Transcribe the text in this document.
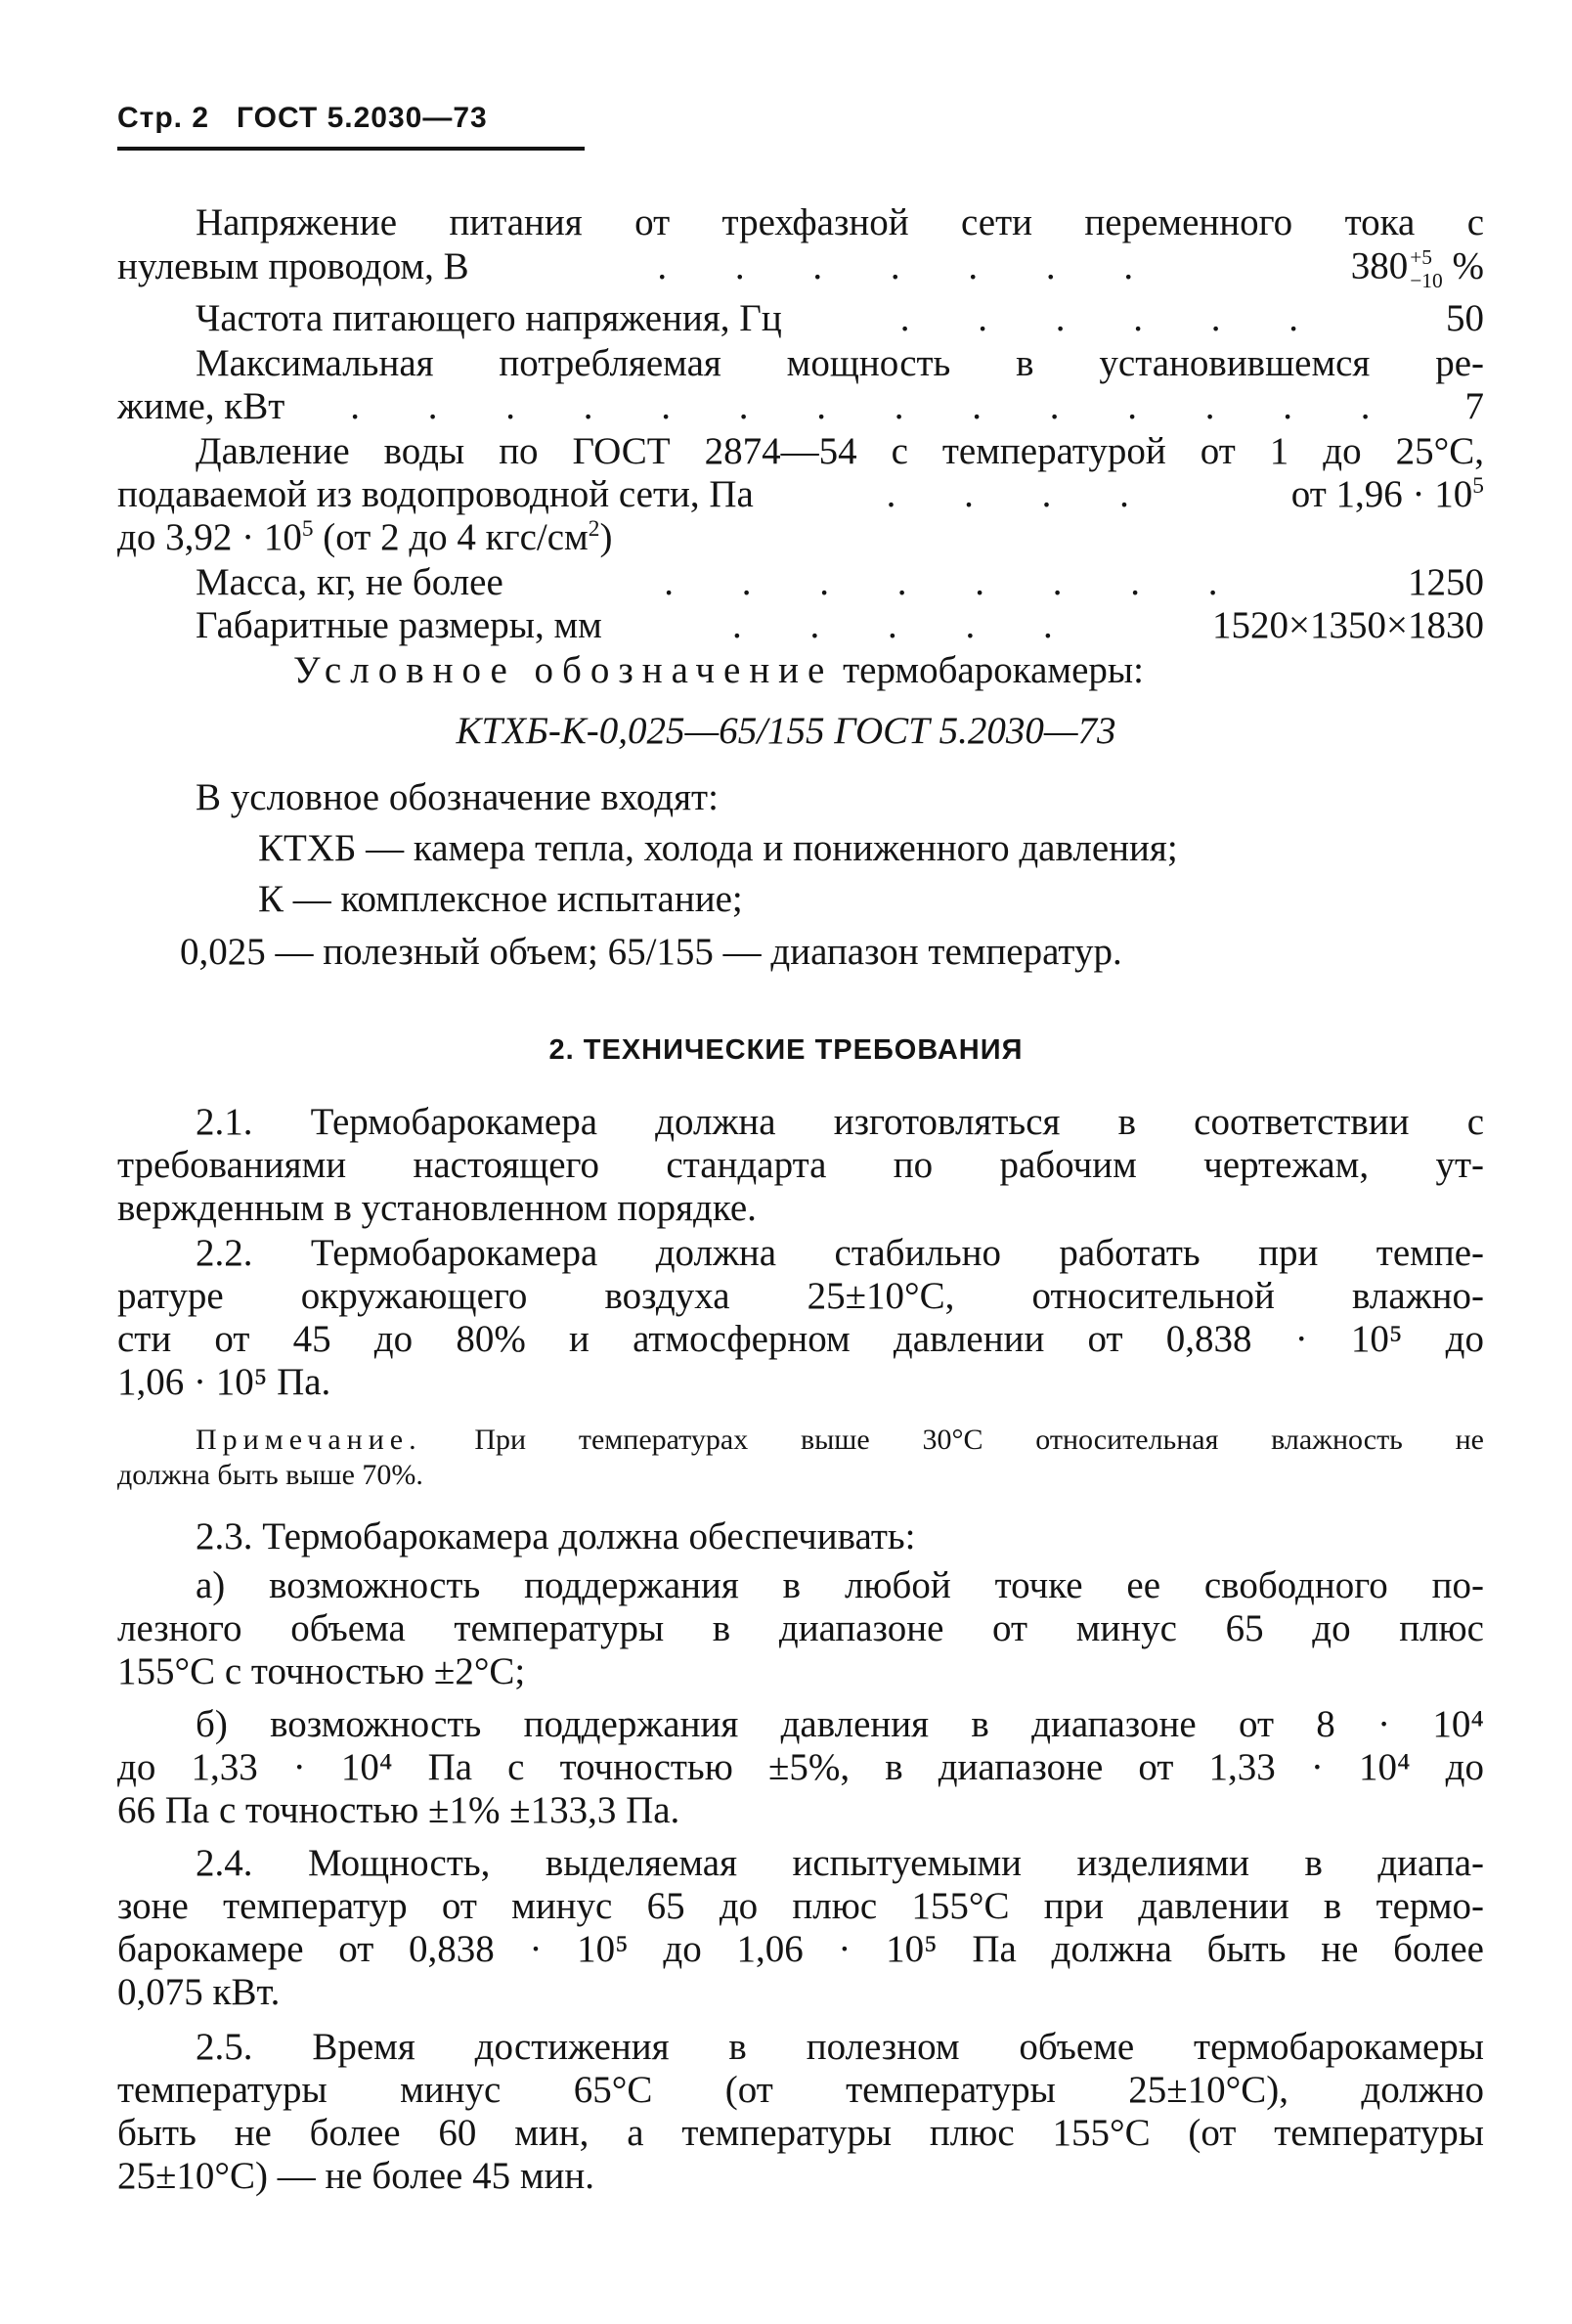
Стр. 2   ГОСТ 5.2030—73
Напряжение питания от трехфазной сети переменного тока с
нулевым проводом, В	. . . . . . .	380 +5
−10 %
Частота питающего напряжения, Гц	. . . . . .	50
Максимальная потребляемая мощность в установившемся ре-
жиме, кВт	. . . . . . . . . . . . . .	7
Давление воды по ГОСТ 2874—54 с температурой от 1 до 25°С,
подаваемой из водопроводной сети, Па	. . . .	от $1,96 \cdot 10^5$
до $3,92 \cdot 10^5$ (от 2 до 4 кгс/$см^2$)
Масса, кг, не более	. . . . . . . .	1250
Габаритные размеры, мм	. . . . .	1520×1350×1830
Условное обозначение термобарокамеры:
КТХБ-К-0,025—65/155 ГОСТ 5.2030—73
В условное обозначение входят:
КТХБ — камера тепла, холода и пониженного давления;
К — комплексное испытание;
0,025 — полезный объем; 65/155 — диапазон температур.
2. ТЕХНИЧЕСКИЕ ТРЕБОВАНИЯ
2.1. Термобарокамера должна изготовляться в соответствии с
требованиями настоящего стандарта по рабочим чертежам, ут-
вержденным в установленном порядке.
2.2. Термобарокамера должна стабильно работать при темпе-
ратуре окружающего воздуха 25±10°С, относительной влажно-
сти от 45 до 80% и атмосферном давлении от 0,838 · 10⁵ до
1,06 · 10⁵ Па.
Примечание. При температурах выше 30°С относительная влажность не
должна быть выше 70%.
2.3. Термобарокамера должна обеспечивать:
а) возможность поддержания в любой точке ее свободного по-
лезного объема температуры в диапазоне от минус 65 до плюс
155°С с точностью ±2°С;
б) возможность поддержания давления в диапазоне от 8 · 10⁴
до 1,33 · 10⁴ Па с точностью ±5%, в диапазоне от 1,33 · 10⁴ до
66 Па с точностью ±1% ±133,3 Па.
2.4. Мощность, выделяемая испытуемыми изделиями в диапа-
зоне температур от минус 65 до плюс 155°С при давлении в термо-
барокамере от 0,838 · 10⁵ до 1,06 · 10⁵ Па должна быть не более
0,075 кВт.
2.5. Время достижения в полезном объеме термобарокамеры
температуры минус 65°С (от температуры 25±10°С), должно
быть не более 60 мин, а температуры плюс 155°С (от температуры
25±10°С) — не более 45 мин.
